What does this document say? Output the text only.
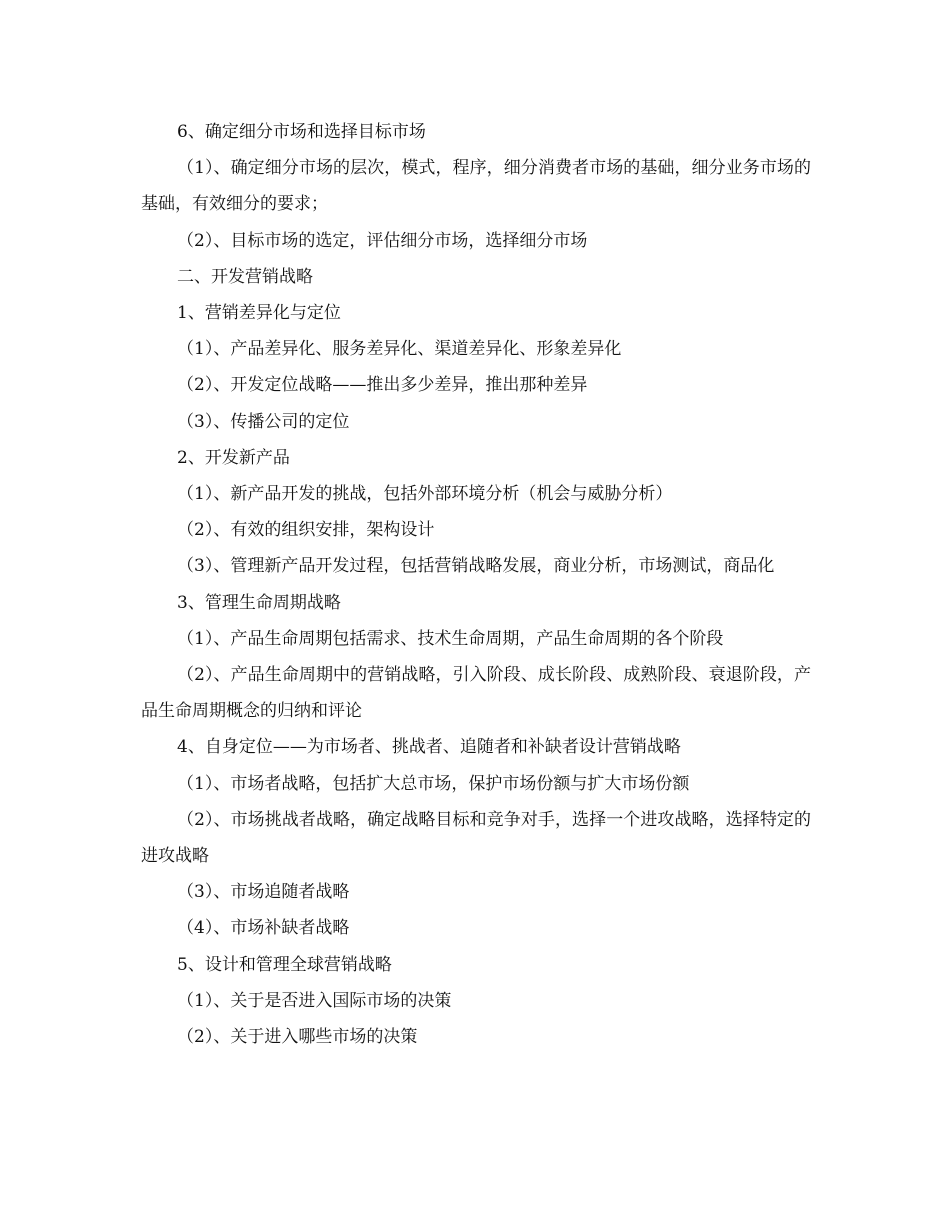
6、确定细分市场和选择目标市场

（1）、确定细分市场的层次，模式，程序，细分消费者市场的基础，细分业务市场的基础，有效细分的要求；

（2）、目标市场的选定，评估细分市场，选择细分市场

二、开发营销战略

1、营销差异化与定位

（1）、产品差异化、服务差异化、渠道差异化、形象差异化

（2）、开发定位战略——推出多少差异，推出那种差异

（3）、传播公司的定位

2、开发新产品

（1）、新产品开发的挑战，包括外部环境分析（机会与威胁分析）

（2）、有效的组织安排，架构设计

（3）、管理新产品开发过程，包括营销战略发展，商业分析，市场测试，商品化

3、管理生命周期战略

（1）、产品生命周期包括需求、技术生命周期，产品生命周期的各个阶段

（2）、产品生命周期中的营销战略，引入阶段、成长阶段、成熟阶段、衰退阶段，产品生命周期概念的归纳和评论

4、自身定位——为市场者、挑战者、追随者和补缺者设计营销战略

（1）、市场者战略，包括扩大总市场，保护市场份额与扩大市场份额

（2）、市场挑战者战略，确定战略目标和竞争对手，选择一个进攻战略，选择特定的进攻战略

（3）、市场追随者战略

（4）、市场补缺者战略

5、设计和管理全球营销战略

（1）、关于是否进入国际市场的决策

（2）、关于进入哪些市场的决策
